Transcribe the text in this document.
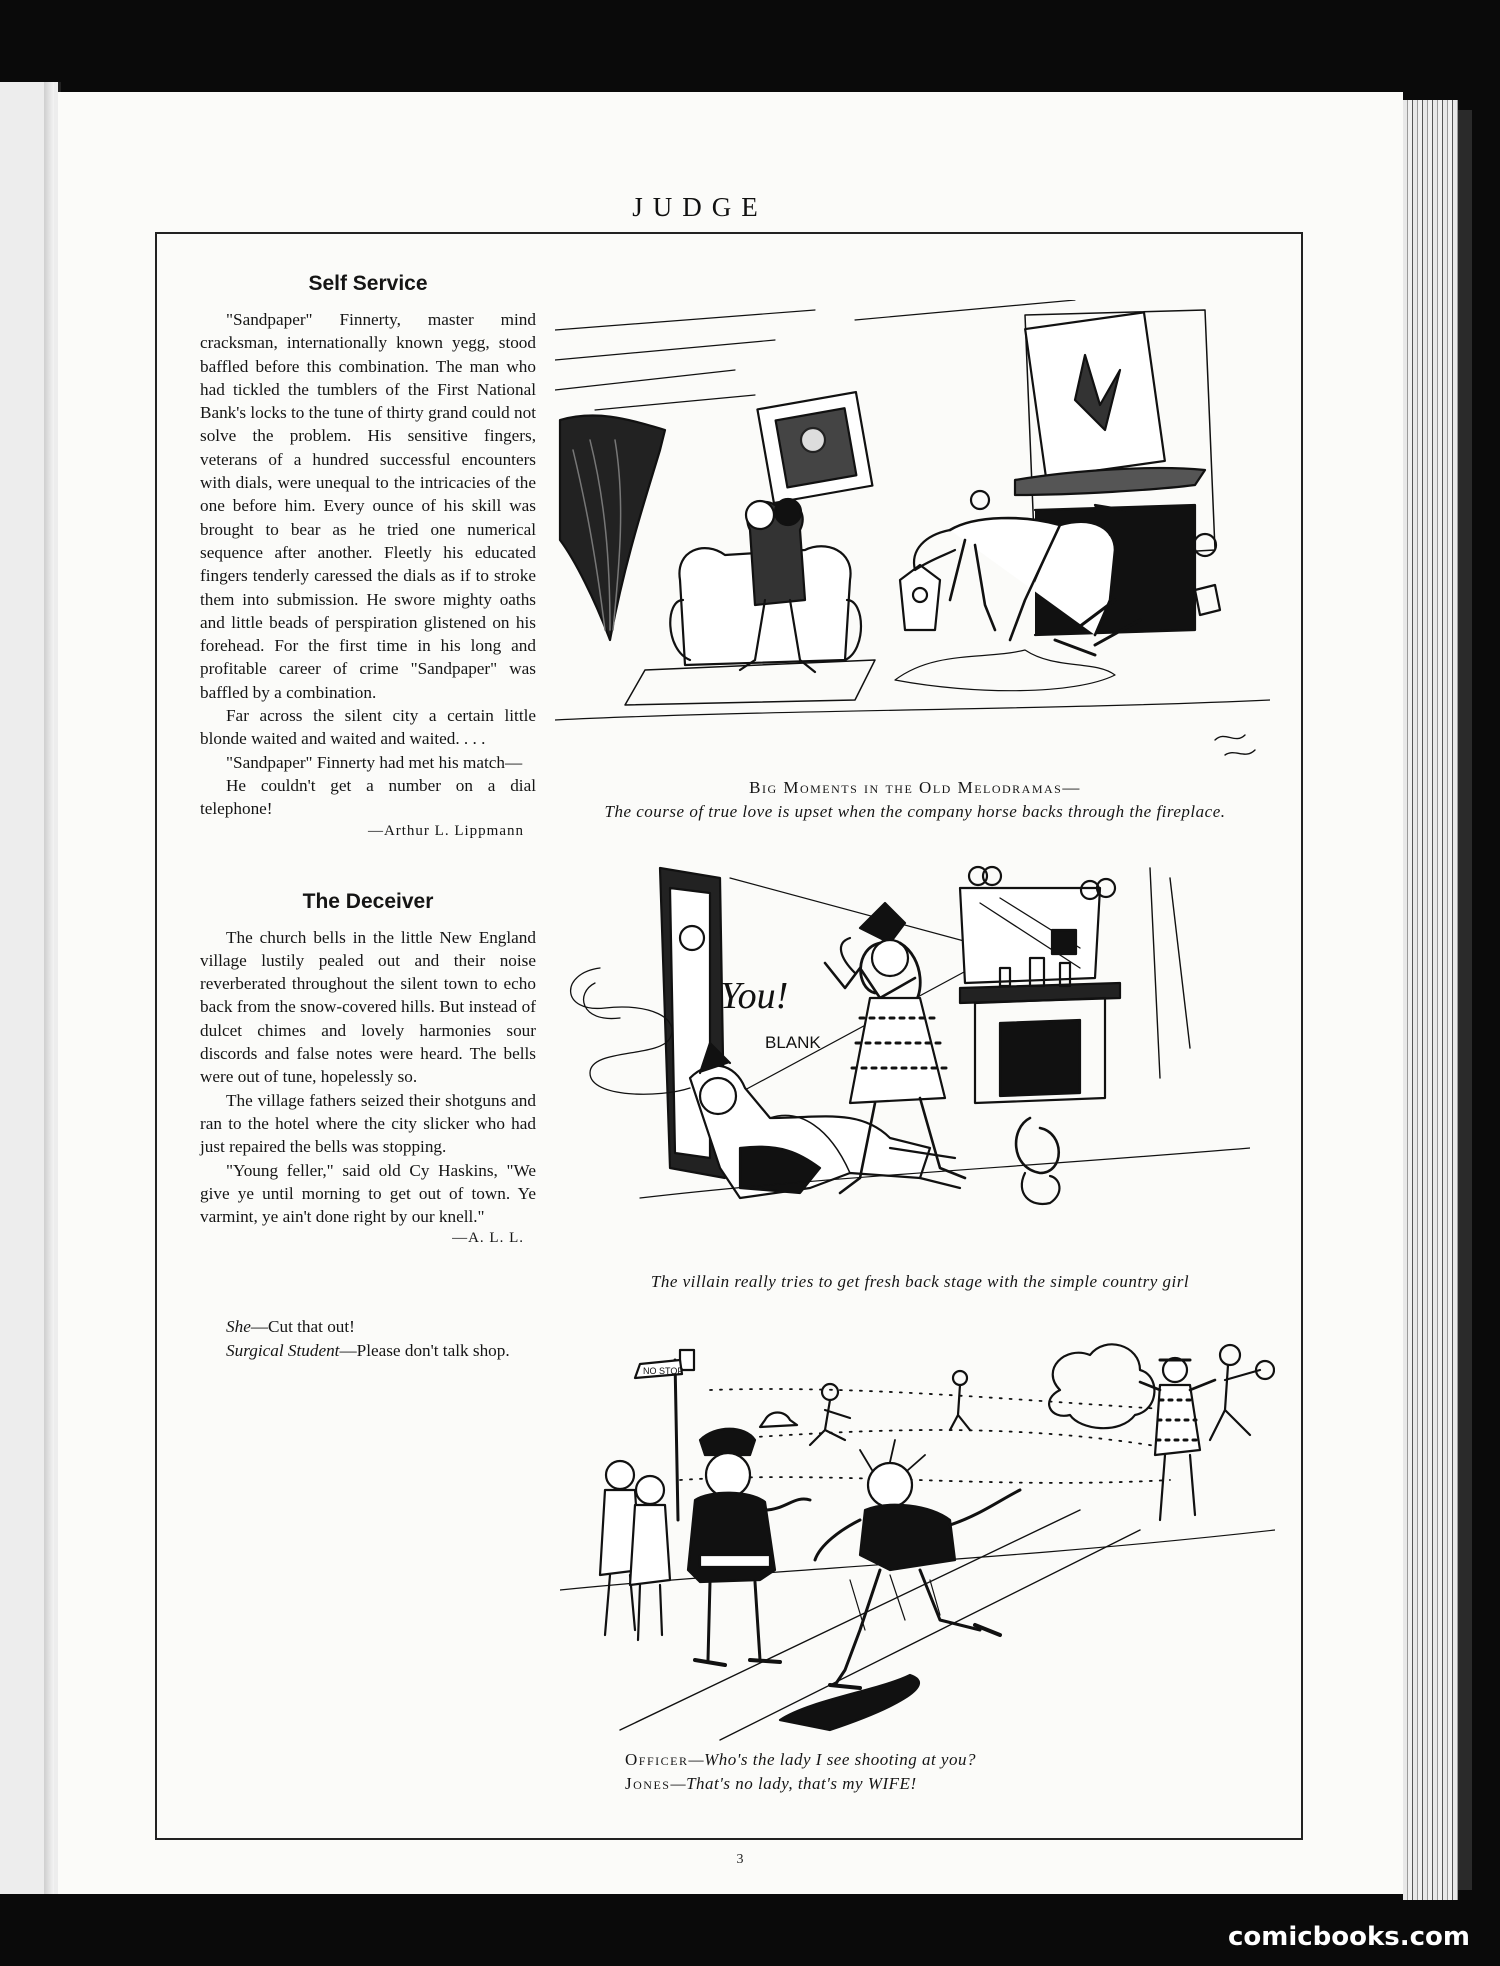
JUDGE
Self Service

"Sandpaper" Finnerty, master mind cracksman, internationally known yegg, stood baffled before this combination. The man who had tickled the tumblers of the First National Bank's locks to the tune of thirty grand could not solve the problem. His sensitive fingers, veterans of a hundred successful encounters with dials, were unequal to the intricacies of the one before him. Every ounce of his skill was brought to bear as he tried one numerical sequence after another. Fleetly his educated fingers tenderly caressed the dials as if to stroke them into submission. He swore mighty oaths and little beads of perspiration glistened on his forehead. For the first time in his long and profitable career of crime "Sandpaper" was baffled by a combination.

Far across the silent city a certain little blonde waited and waited and waited. . . .

"Sandpaper" Finnerty had met his match—

He couldn't get a number on a dial telephone!

—Arthur L. Lippmann
The Deceiver

The church bells in the little New England village lustily pealed out and their noise reverberated throughout the silent town to echo back from the snow-covered hills. But instead of dulcet chimes and lovely harmonies sour discords and false notes were heard. The bells were out of tune, hopelessly so.

The village fathers seized their shotguns and ran to the hotel where the city slicker who had just repaired the bells was stopping.

"Young feller," said old Cy Haskins, "We give ye until morning to get out of town. Ye varmint, ye ain't done right by our knell."

—A. L. L.

She—Cut that out!

Surgical Student—Please don't talk shop.

Big Moments in the Old Melodramas—
The course of true love is upset when the company horse backs through the fireplace.
You!
BLANK
The villain really tries to get fresh back stage with the simple country girl
NO STOP
Officer—Who's the lady I see shooting at you?
Jones—That's no lady, that's my WIFE!
3
comicbooks.com
